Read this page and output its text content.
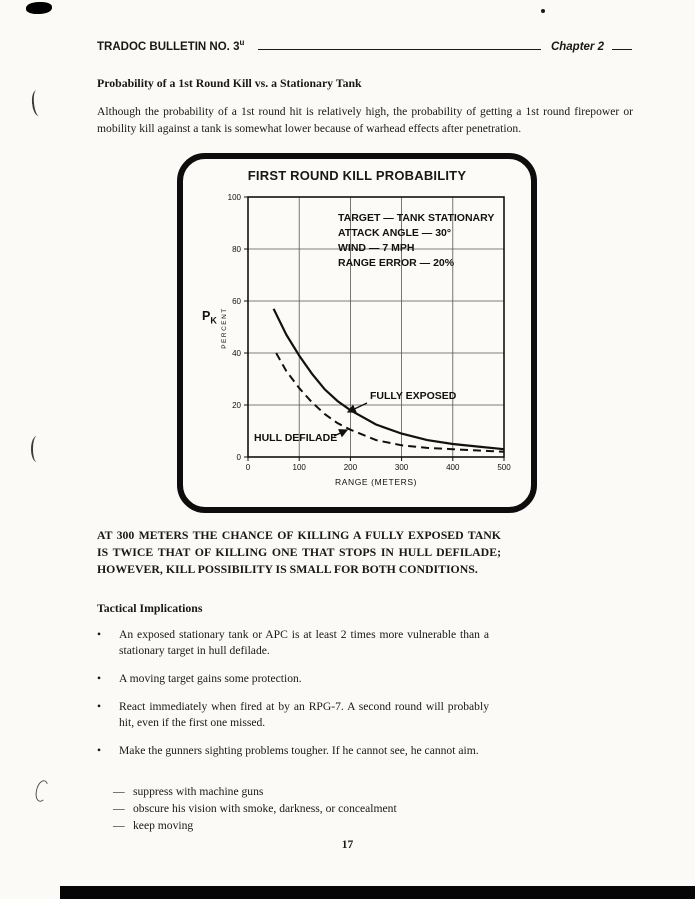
TRADOC BULLETIN NO. 3$^u$	Chapter 2
Probability of a 1st Round Kill vs. a Stationary Tank
Although the probability of a 1st round hit is relatively high, the probability of getting a 1st round firepower or mobility kill against a tank is somewhat lower because of warhead effects after penetration.
FIRST ROUND KILL PROBABILITY
0	100	200	300	400	500
0
20
40
60
80
100
RANGE (METERS)
PERCENT
$P_K$
TARGET — TANK STATIONARY
ATTACK ANGLE — 30°
WIND — 7 MPH
RANGE ERROR — 20%
FULLY EXPOSED
HULL DEFILADE
AT 300 METERS THE CHANCE OF KILLING A FULLY EXPOSED TANK IS TWICE THAT OF KILLING ONE THAT STOPS IN HULL DEFILADE; HOWEVER, KILL POSSIBILITY IS SMALL FOR BOTH CONDITIONS.
Tactical Implications
•	An exposed stationary tank or APC is at least 2 times more vulnerable than a stationary target in hull defilade.
•	A moving target gains some protection.
•	React immediately when fired at by an RPG-7. A second round will probably hit, even if the first one missed.
•	Make the gunners sighting problems tougher. If he cannot see, he cannot aim.
— suppress with machine guns
— obscure his vision with smoke, darkness, or concealment
— keep moving
17
